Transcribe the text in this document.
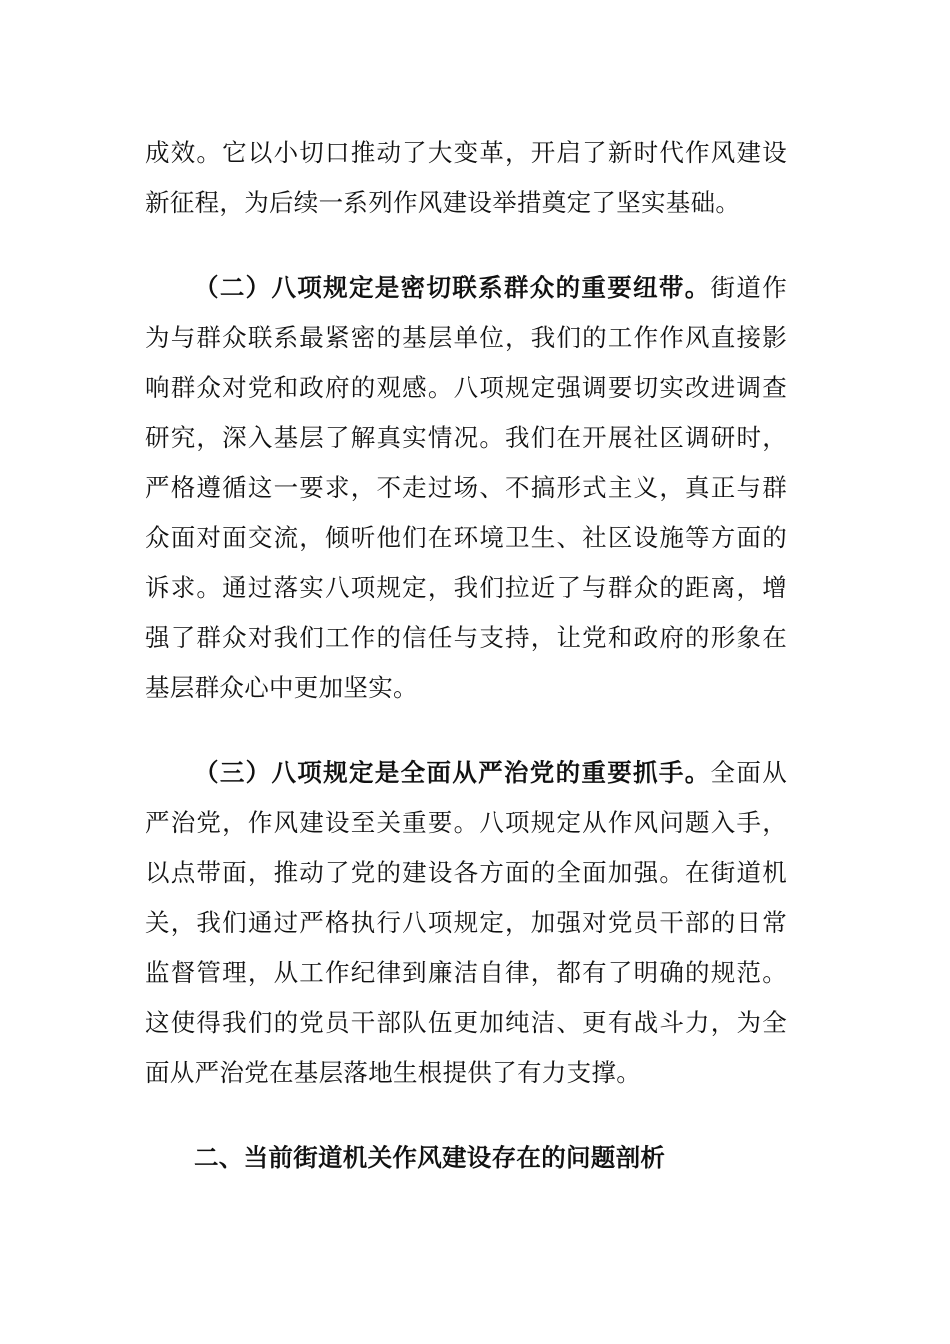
成效。它以小切口推动了大变革，开启了新时代作风建设新征程，为后续一系列作风建设举措奠定了坚实基础。

（二）八项规定是密切联系群众的重要纽带。街道作为与群众联系最紧密的基层单位，我们的工作作风直接影响群众对党和政府的观感。八项规定强调要切实改进调查研究，深入基层了解真实情况。我们在开展社区调研时，严格遵循这一要求，不走过场、不搞形式主义，真正与群众面对面交流，倾听他们在环境卫生、社区设施等方面的诉求。通过落实八项规定，我们拉近了与群众的距离，增强了群众对我们工作的信任与支持，让党和政府的形象在基层群众心中更加坚实。

（三）八项规定是全面从严治党的重要抓手。全面从严治党，作风建设至关重要。八项规定从作风问题入手，以点带面，推动了党的建设各方面的全面加强。在街道机关，我们通过严格执行八项规定，加强对党员干部的日常监督管理，从工作纪律到廉洁自律，都有了明确的规范。这使得我们的党员干部队伍更加纯洁、更有战斗力，为全面从严治党在基层落地生根提供了有力支撑。

二、当前街道机关作风建设存在的问题剖析
